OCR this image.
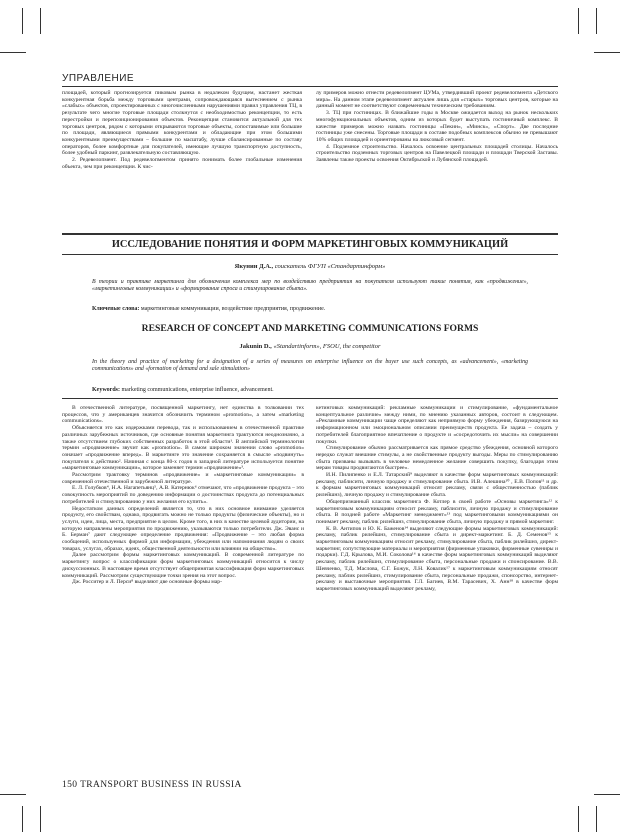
УПРАВЛЕНИЕ

площадей, который прогнозируется пиковым рынка в недалеком будущем, настанет жесткая конкурентная борьба между торговыми центрами, сопровождающаяся вытеснением с рынка «слабых» объектов, спроектированных с многочисленными нарушениями правил управления ТЦ, в результате чего многие торговые площади столкнутся с необходимостью реконцепции, то есть перестройки и перепозиционирования объектов. Реконцепция становится актуальной для тех торговых центров, рядом с которыми открываются торговые объекты, сопоставимые или большие по площади, являющиеся прямыми конкурентами и обладающие при этом большими конкурентными преимуществами – большие по масштабу, лучше сбалансированные по составу операторов, более комфортные для покупателей, имеющие лучшую транспортную доступность, более удобный паркинг, развлекательную составляющую.

2. Редевелопмент. Под редевелопментом принято понимать более глобальные изменения объекта, чем при реконцепции. К чис-

лу примеров можно отнести редевелопмент ЦУМа, утвердивший проект редевелопмента «Детского мира». На данном этапе редевелопмент актуален лишь для «старых» торговых центров, которые на данный момент не соответствуют современным техническим требованиям.

3. ТЦ при гостиницах. В ближайшие годы в Москве ожидается выход на рынок нескольких многофункциональных объектов, одним из которых будет выступать гостиничный комплекс. В качестве примеров можно назвать гостиницы «Пекин», «Минск», «Спорт». Две последние гостиницы уже снесены. Торговые площади в составе подобных комплексов обычно не превышают 10% общих площадей и ориентированы на люксовый сегмент.

4. Подземное строительство. Началось освоение центральных площадей столицы. Началось строительство подземных торговых центров на Павелецкой площади и площади Тверской Заставы. Заявлены также проекты освоения Октябрьской и Лубянской площадей.

ИССЛЕДОВАНИЕ ПОНЯТИЯ И ФОРМ МАРКЕТИНГОВЫХ КОММУНИКАЦИЙ
Якунин Д.А., соискатель ФГУП «Стандартинформ»
В теории и практике маркетинга для обозначения комплекса мер по воздействию предприятия на покупателя используют такие понятия, как «продвижение», «маркетинговые коммуникации» и «формирование спроса и стимулирование сбыта».
Ключевые слова: маркетинговые коммуникации, воздействие предприятия, продвижение.
RESEARCH OF CONCEPT AND MARKETING COMMUNICATIONS FORMS
Jakunin D., «Standartinform», FSOU, the competitor
In the theory and practice of marketing for a designation of a series of measures on enterprise influence on the buyer use such concepts, as «advancement», «marketing communications» and «formation of demand and sale stimulation»
Keywords: marketing communications, enterprise influence, advancement.

В отечественной литературе, посвященной маркетингу, нет единства в толковании тех процессов, что у американцев значится обозначить термином «promotion», а затем «marketing communications».

Объясняется это как издержками перевода, так и использованием в отечественной практике различных зарубежных источников, где основные понятия маркетинга трактуются неоднозначно, а также отсутствием глубоких собственных разработок в этой области¹. В английской терминологии термин «продвижение» звучит как «promotion». В самом широком значении слово «promotion» означает «продвижение вперед». В маркетинге это значение сохраняется в смысле «подвинуть» покупателя к действию². Начиная с конца 80-х годов в западной литературе используется понятие «маркетинговые коммуникации», которое заменяет термин «продвижение»³.

Рассмотрим трактовку терминов «продвижение» и «маркетинговые коммуникации» в современной отечественной и зарубежной литературе.

Е. Л. Голубков⁴, Н.А. Нагапетьянц⁵, А.В. Катернюк⁶ отмечают, что «продвижение продукта – это совокупность мероприятий по доведению информации о достоинствах продукта до потенциальных потребителей и стимулированию у них желания его купить».

Недостатком данных определений является то, что в них основное внимание уделяется продукту, его свойствам, однако, продвигать можно не только продукты (физические объекты), но и услуги, идеи, лица, места, предприятие в целом. Кроме того, в них в качестве целевой аудитории, на которую направлены мероприятия по продвижению, указываются только потребители. Дж. Эванс и Б. Берман⁷ дают следующее определение продвижения: «Продвижение – это любая форма сообщений, используемых фирмой для информации, убеждения или напоминания людям о своих товарах, услугах, образах, идеях, общественной деятельности или влиянии на общество».

Далее рассмотрим формы маркетинговых коммуникаций. В современной литературе по маркетингу вопрос о классификации форм маркетинговых коммуникаций относится к числу дискуссионных. В настоящее время отсутствует общепринятая классификация форм маркетинговых коммуникаций. Рассмотрим существующие точки зрения на этот вопрос.

Дж. Росситер и Л. Перси⁸ выделяют две основные формы мар-

кетинговых коммуникаций: рекламные коммуникации и стимулирование, «фундаментальное концептуальное различие» между ними, по мнению указанных авторов, состоит в следующем. «Рекламные коммуникации чаще определяют как неприямую форму убеждения, базирующуюся на информационном или эмоциональном описании преимуществ продукта. Ее задача – создать у потребителей благоприятное впечатление о продукте и «сосредоточить их мысли» на совершении покупки.

Стимулирование обычно рассматривается как прямое средство убеждения, основной которого нередко служат внешние стимулы, а не свойственные продукту выгоды. Меры по стимулированию сбыта призваны вызывать в человеке немедленное желание совершить покупку, благодаря этим мерам товары продвигаются быстрее».

И.Н. Пилипенко и Е.Л. Татарский⁹ выделяют в качестве форм маркетинговых коммуникаций: рекламу, паблисити, личную продажу и стимулирование сбыта. И.В. Алешина¹⁰ , Е.В. Попов¹¹ и др. к формам маркетинговых коммуникаций относят рекламу, связи с общественностью (паблик рилейшнз), личную продажу и стимулирование сбыта.

Общепризнанный классик маркетинга Ф. Котлер в своей работе «Основы маркетинга»¹² к маркетинговым коммуникациям относит рекламу, паблисити, личную продажу и стимулирование сбыта. В поздней работе «Маркетинг менеджмент»¹³ под маркетинговыми коммуникациями он понимает рекламу, паблик рилейшнз, стимулирование сбыта, личную продажу и прямой маркетинг.

К. В. Антипов и Ю. К. Баженов¹⁴ выделяют следующие формы маркетинговых коммуникаций: рекламу, паблик рилейшнз, стимулирование сбыта и директ-маркетинг. Б. Д. Семенов¹⁵ к маркетинговым коммуникациям относит рекламу, стимулирование сбыта, паблик рилейшнз, директ-маркетинг, сопутствующие материалы и мероприятия (фирменные упаковки, фирменные сувениры и подарки). Г.Д. Крылова, М.И. Соколова¹⁶ в качестве форм маркетинговых коммуникаций выделяют рекламу, паблик рилейшнз, стимулирование сбыта, персональные продажи и спонсирование. В.В. Шевченко, Т.Д. Маслова, С.Г. Божук, Л.Н. Ковалик¹⁷ к маркетинговым коммуникациям относят рекламу, паблик рилейшнз, стимулирование сбыта, персональные продажи, спонсорство, интернет-рекламу и выставочные мероприятия. Г.Л. Багиев, В.М. Тарасевич, Х. Анн¹⁸ в качестве форм маркетинговых коммуникаций выделяют рекламу,

150 TRANSPORT BUSINESS IN RUSSIA
